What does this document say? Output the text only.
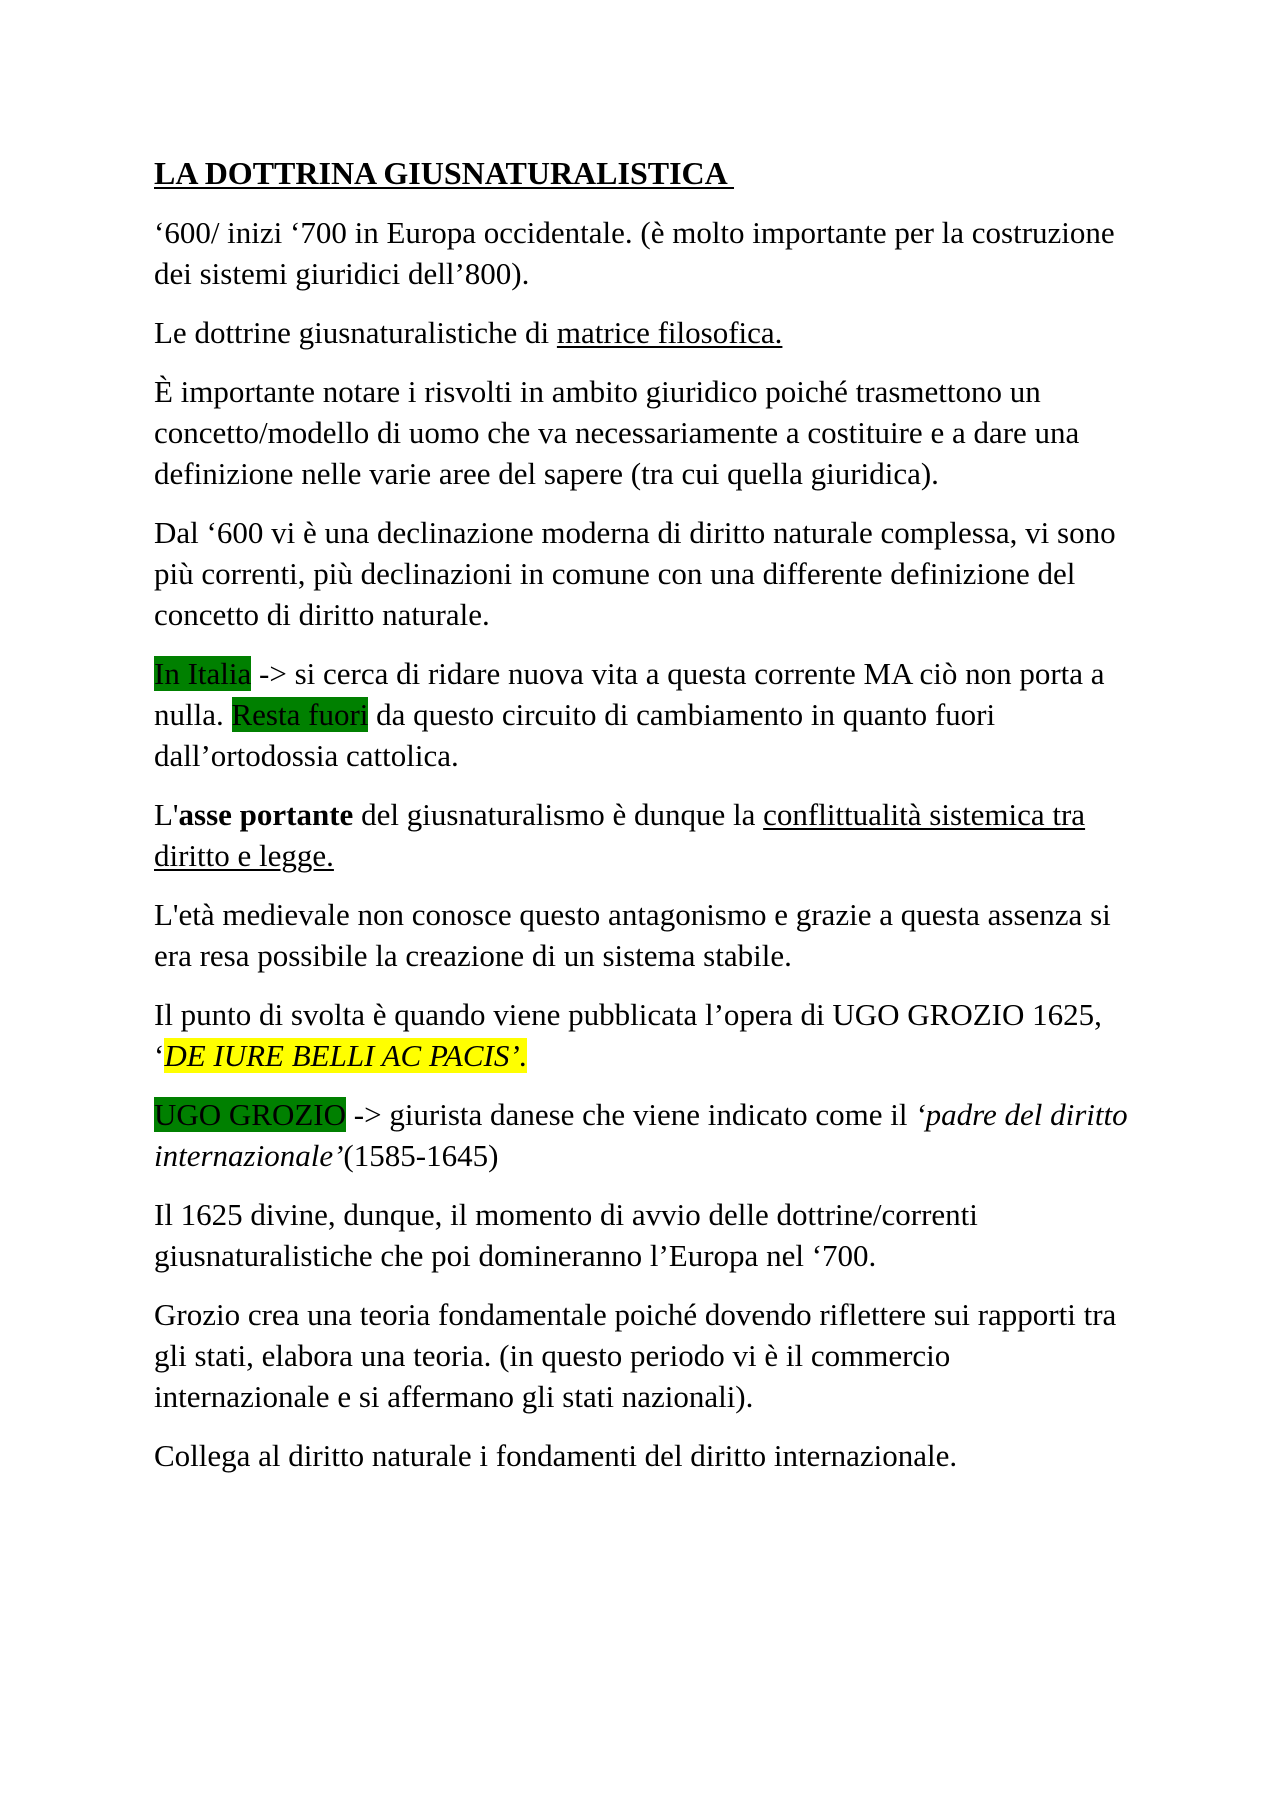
LA DOTTRINA GIUSNATURALISTICA

‘600/ inizi ‘700 in Europa occidentale. (è molto importante per la costruzione dei sistemi giuridici dell’800).

Le dottrine giusnaturalistiche di matrice filosofica.

È importante notare i risvolti in ambito giuridico poiché trasmettono un concetto/modello di uomo che va necessariamente a costituire e a dare una definizione nelle varie aree del sapere (tra cui quella giuridica).

Dal ‘600 vi è una declinazione moderna di diritto naturale complessa, vi sono più correnti, più declinazioni in comune con una differente definizione del concetto di diritto naturale.

In Italia -> si cerca di ridare nuova vita a questa corrente MA ciò non porta a nulla. Resta fuori da questo circuito di cambiamento in quanto fuori dall’ortodossia cattolica.

L'asse portante del giusnaturalismo è dunque la conflittualità sistemica tra diritto e legge.

L'età medievale non conosce questo antagonismo e grazie a questa assenza si era resa possibile la creazione di un sistema stabile.

Il punto di svolta è quando viene pubblicata l’opera di UGO GROZIO 1625, ‘DE IURE BELLI AC PACIS’.

UGO GROZIO -> giurista danese che viene indicato come il ‘padre del diritto internazionale’(1585-1645)

Il 1625 divine, dunque, il momento di avvio delle dottrine/correnti giusnaturalistiche che poi domineranno l’Europa nel ‘700.

Grozio crea una teoria fondamentale poiché dovendo riflettere sui rapporti tra gli stati, elabora una teoria. (in questo periodo vi è il commercio internazionale e si affermano gli stati nazionali).

Collega al diritto naturale i fondamenti del diritto internazionale.
